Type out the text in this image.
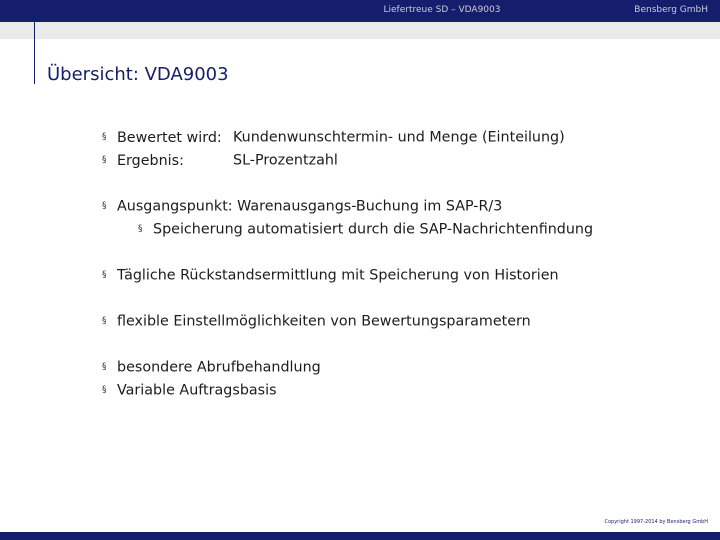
Liefertreue SD – VDA9003	Bensberg GmbH
Übersicht: VDA9003
§ Bewertet wird: Kundenwunschtermin- und Menge (Einteilung)
§ Ergebnis:	SL-Prozentzahl
§ Ausgangspunkt: Warenausgangs-Buchung im SAP-R/3
§ Speicherung automatisiert durch die SAP-Nachrichtenfindung
§ Tägliche Rückstandsermittlung mit Speicherung von Historien
§ flexible Einstellmöglichkeiten von Bewertungsparametern
§ besondere Abrufbehandlung
§ Variable Auftragsbasis
Copyright 1997-2014 by Bensberg GmbH
